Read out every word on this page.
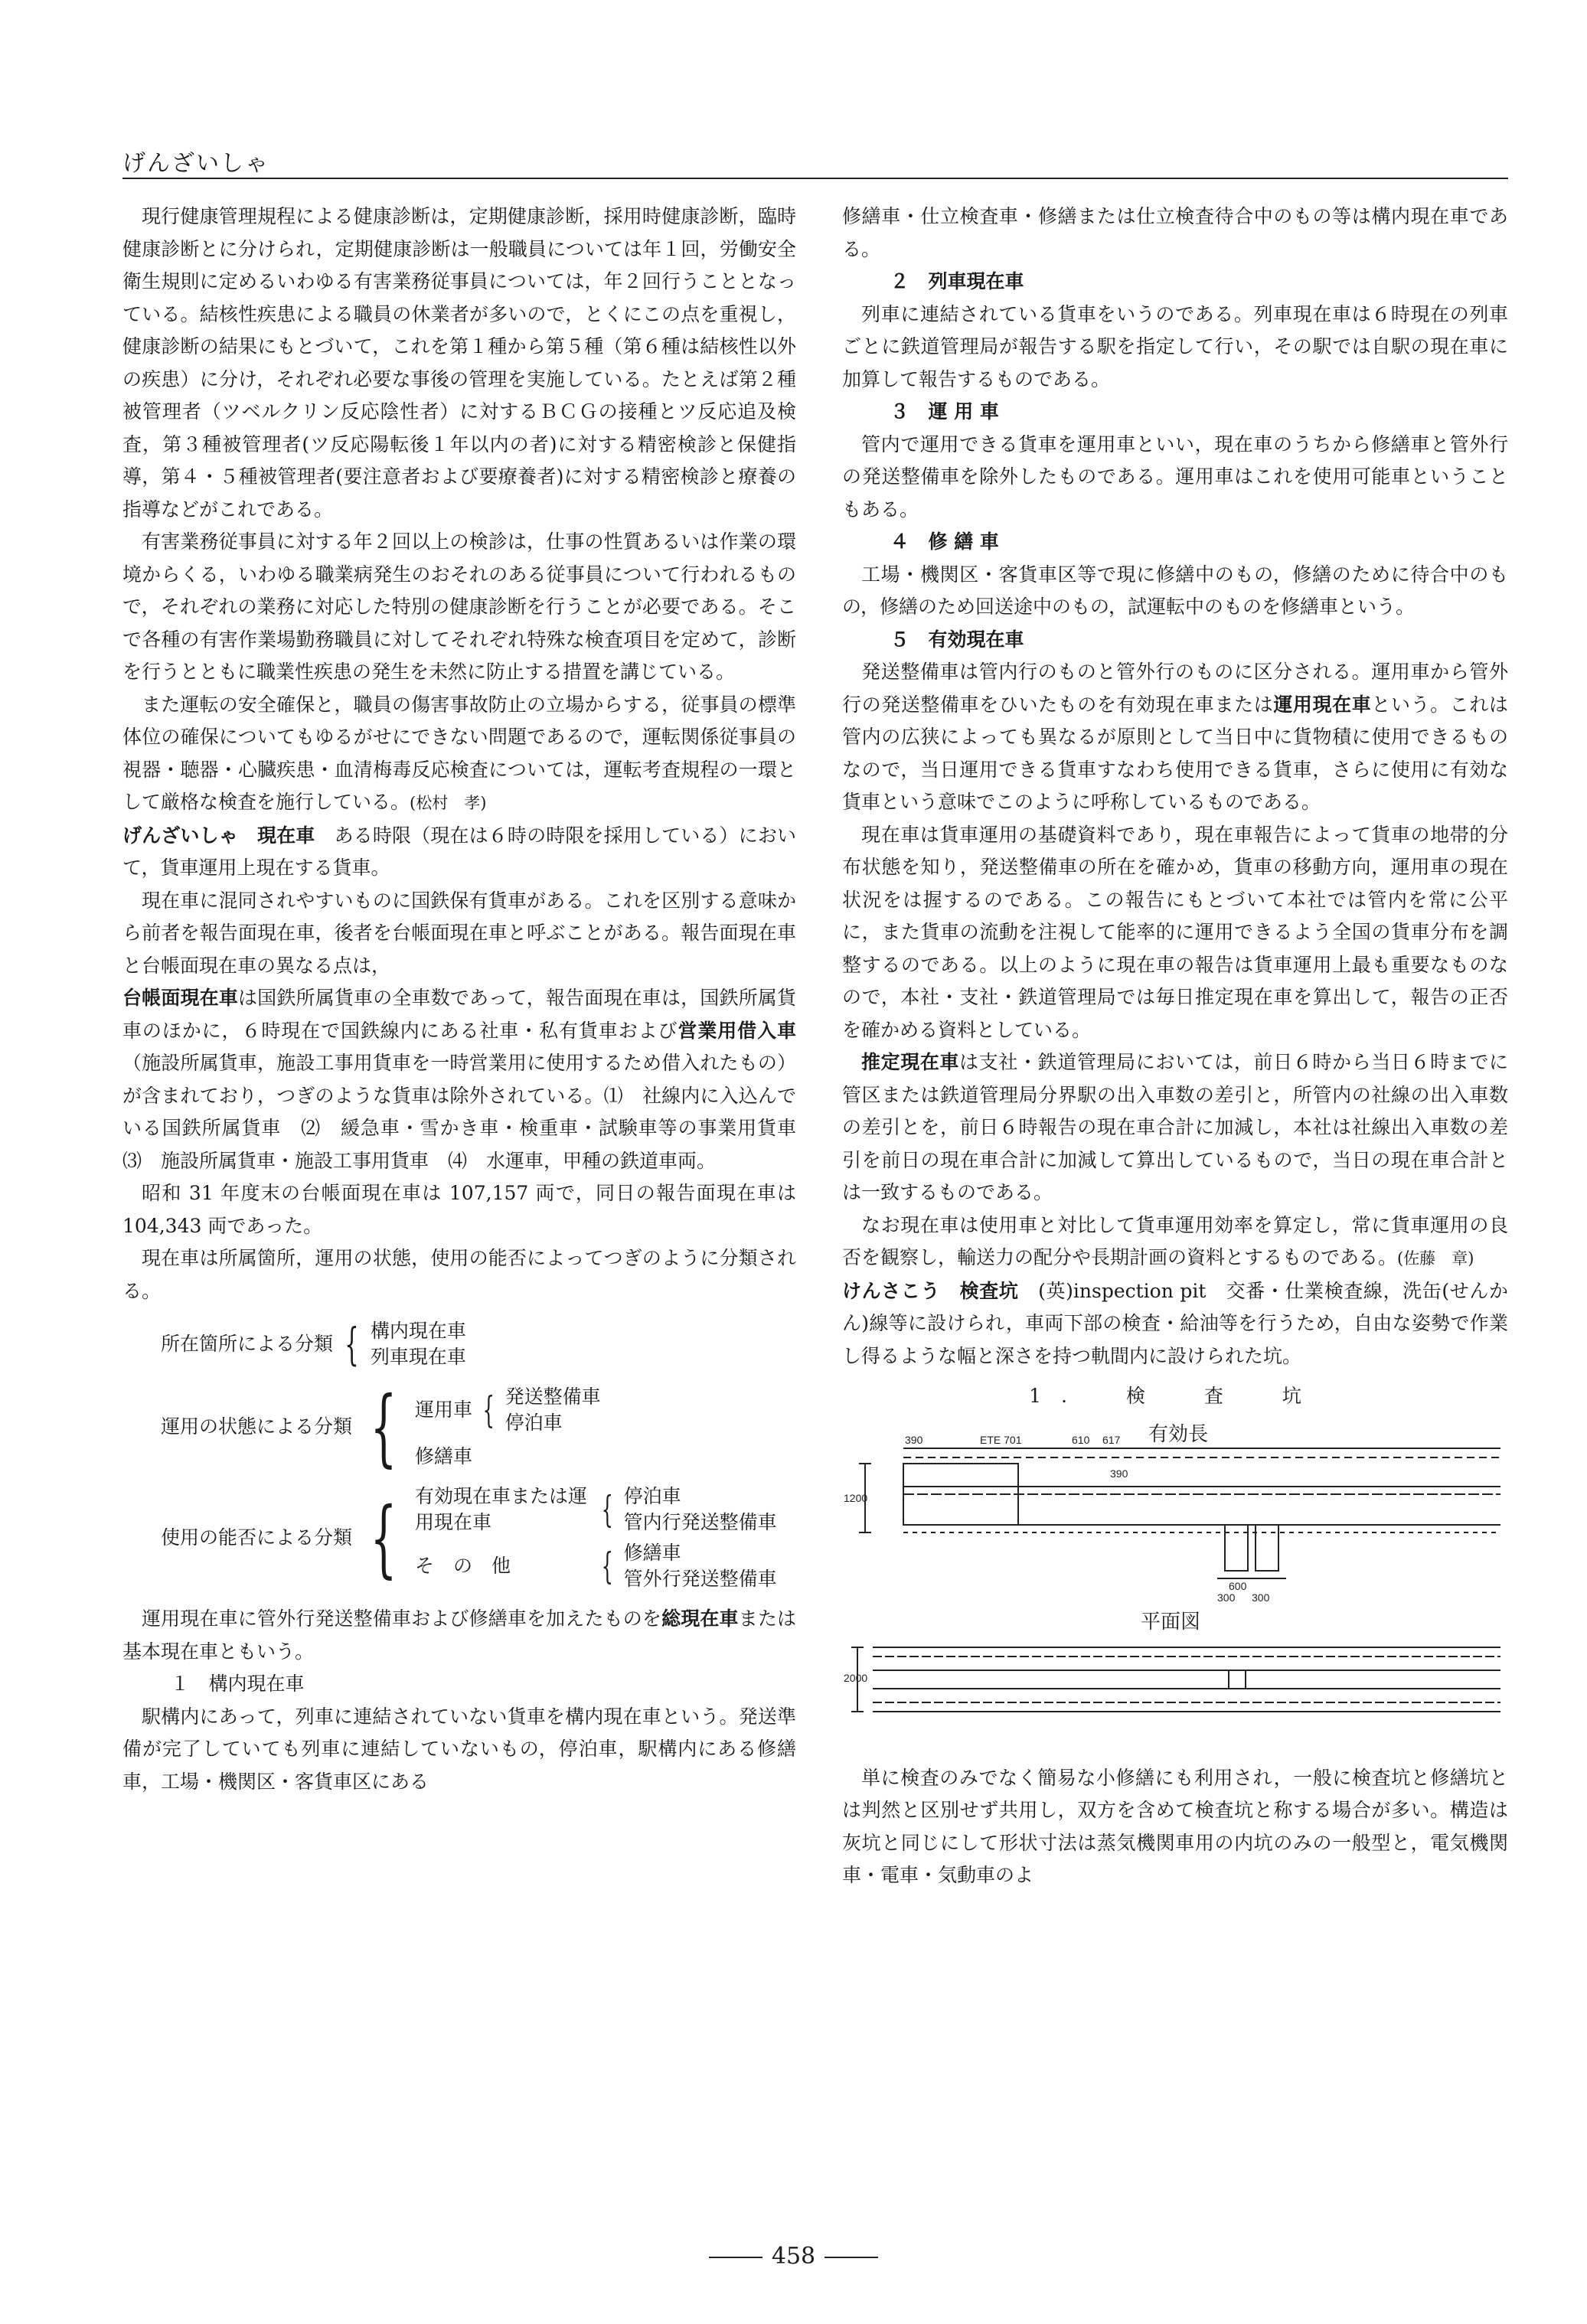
げんざいしゃ

現行健康管理規程による健康診断は，定期健康診断，採用時健康診断，臨時健康診断とに分けられ，定期健康診断は一般職員については年１回，労働安全衛生規則に定めるいわゆる有害業務従事員については，年２回行うこととなっている。結核性疾患による職員の休業者が多いので，とくにこの点を重視し，健康診断の結果にもとづいて，これを第１種から第５種（第６種は結核性以外の疾患）に分け，それぞれ必要な事後の管理を実施している。たとえば第２種被管理者（ツベルクリン反応陰性者）に対するＢＣＧの接種とツ反応追及検査，第３種被管理者(ツ反応陽転後１年以内の者)に対する精密検診と保健指導，第４・５種被管理者(要注意者および要療養者)に対する精密検診と療養の指導などがこれである。

有害業務従事員に対する年２回以上の検診は，仕事の性質あるいは作業の環境からくる，いわゆる職業病発生のおそれのある従事員について行われるもので，それぞれの業務に対応した特別の健康診断を行うことが必要である。そこで各種の有害作業場勤務職員に対してそれぞれ特殊な検査項目を定めて，診断を行うとともに職業性疾患の発生を未然に防止する措置を講じている。

また運転の安全確保と，職員の傷害事故防止の立場からする，従事員の標準体位の確保についてもゆるがせにできない問題であるので，運転関係従事員の視器・聴器・心臓疾患・血清梅毒反応検査については，運転考査規程の一環として厳格な検査を施行している。(松村　孝)

げんざいしゃ　現在車　 ある時限（現在は６時の時限を採用している）において，貨車運用上現在する貨車。

現在車に混同されやすいものに国鉄保有貨車がある。これを区別する意味から前者を報告面現在車，後者を台帳面現在車と呼ぶことがある。報告面現在車と台帳面現在車の異なる点は，

台帳面現在車は国鉄所属貨車の全車数であって，報告面現在車は，国鉄所属貨車のほかに，６時現在で国鉄線内にある社車・私有貨車および営業用借入車（施設所属貨車，施設工事用貨車を一時営業用に使用するため借入れたもの）が含まれており，つぎのような貨車は除外されている。⑴　社線内に入込んでいる国鉄所属貨車　⑵　緩急車・雪かき車・検重車・試験車等の事業用貨車　⑶　施設所属貨車・施設工事用貨車　⑷　水運車，甲種の鉄道車両。

昭和 31 年度末の台帳面現在車は 107,157 両で，同日の報告面現在車は 104,343 両であった。

現在車は所属箇所，運用の状態，使用の能否によってつぎのように分類される。

所在箇所による分類	{	構内現在車
列車現在車
運用の状態による分類	{	運用車	{	発送整備車
停泊車
修繕車
使用の能否による分類	{	有効現在車または運用現在車	{	停泊車
管内行発送整備車
そ　の　他	{	修繕車
管外行発送整備車

運用現在車に管外行発送整備車および修繕車を加えたものを総現在車または基本現在車ともいう。

１　構内現在車

駅構内にあって，列車に連結されていない貨車を構内現在車という。発送準備が完了していても列車に連結していないもの，停泊車，駅構内にある修繕車，工場・機関区・客貨車区にある

修繕車・仕立検査車・修繕または仕立検査待合中のもの等は構内現在車である。

２　列車現在車

列車に連結されている貨車をいうのである。列車現在車は６時現在の列車ごとに鉄道管理局が報告する駅を指定して行い，その駅では自駅の現在車に加算して報告するものである。

３　運 用 車

管内で運用できる貨車を運用車といい，現在車のうちから修繕車と管外行の発送整備車を除外したものである。運用車はこれを使用可能車ということもある。

４　修 繕 車

工場・機関区・客貨車区等で現に修繕中のもの，修繕のために待合中のもの，修繕のため回送途中のもの，試運転中のものを修繕車という。

５　有効現在車

発送整備車は管内行のものと管外行のものに区分される。運用車から管外行の発送整備車をひいたものを有効現在車または運用現在車という。これは管内の広狭によっても異なるが原則として当日中に貨物積に使用できるものなので，当日運用できる貨車すなわち使用できる貨車，さらに使用に有効な貨車という意味でこのように呼称しているものである。

現在車は貨車運用の基礎資料であり，現在車報告によって貨車の地帯的分布状態を知り，発送整備車の所在を確かめ，貨車の移動方向，運用車の現在状況をは握するのである。この報告にもとづいて本社では管内を常に公平に，また貨車の流動を注視して能率的に運用できるよう全国の貨車分布を調整するのである。以上のように現在車の報告は貨車運用上最も重要なものなので，本社・支社・鉄道管理局では毎日推定現在車を算出して，報告の正否を確かめる資料としている。

推定現在車は支社・鉄道管理局においては，前日６時から当日６時までに管区または鉄道管理局分界駅の出入車数の差引と，所管内の社線の出入車数の差引とを，前日６時報告の現在車合計に加減し，本社は社線出入車数の差引を前日の現在車合計に加減して算出しているもので，当日の現在車合計とは一致するものである。

なお現在車は使用車と対比して貨車運用効率を算定し，常に貨車運用の良否を観察し，輸送力の配分や長期計画の資料とするものである。(佐藤　章)

けんさこう　検査坑　 (英)inspection pit　交番・仕業検査線，洗缶(せんかん)線等に設けられ，車両下部の検査・給油等を行うため，自由な姿勢で作業し得るような幅と深さを持つ軌間内に設けられた坑。

1.　検　査　坑
390	ETE 701	610 617
390
1200
600
300 300
2000
有効長
平面図

単に検査のみでなく簡易な小修繕にも利用され，一般に検査坑と修繕坑とは判然と区別せず共用し，双方を含めて検査坑と称する場合が多い。構造は灰坑と同じにして形状寸法は蒸気機関車用の内坑のみの一般型と，電気機関車・電車・気動車のよ

458
